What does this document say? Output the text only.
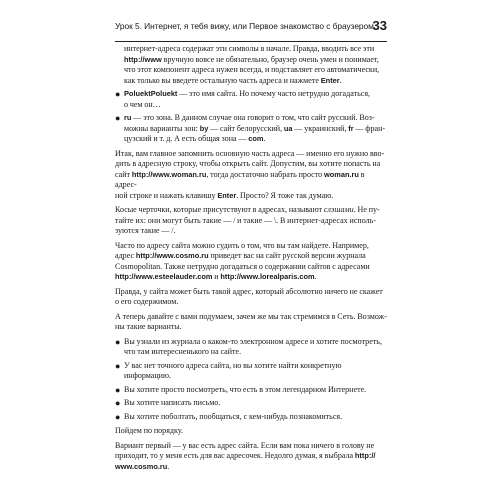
Урок 5. Интернет, я тебя вижу, или Первое знакомство с браузером
33

интернет-адреса содержат эти символы в начале. Правда, вводить все эти
http://www вручную вовсе не обязательно, браузер очень умен и понимает,
что этот компонент адреса нужен всегда, и подставляет его автоматически,
как только вы введете остальную часть адреса и нажмете Enter.

● PoluektPoluekt — это имя сайта. Но почему часто нетрудно догадаться,
о чем он…
● ru — это зона. В данном случае она говорит о том, что сайт русский. Воз-
можны варианты зон: by — сайт белорусский, ua — украинский, fr — фран-
цузский и т. д. А есть общая зона — com.

Итак, вам главное запомнить основную часть адреса — именно его нужно вво-
дить в адресную строку, чтобы открыть сайт. Допустим, вы хотите попасть на
сайт http://www.woman.ru, тогда достаточно набрать просто woman.ru в адрес-
ной строке и нажать клавишу Enter. Просто? Я тоже так думаю.

Косые черточки, которые присутствуют в адресах, называют слэшами. Не пу-
тайте их: они могут быть такие — / и такие — \. В интернет-адресах исполь-
зуются такие — /.

Часто по адресу сайта можно судить о том, что вы там найдете. Например,
адрес http://www.cosmo.ru приведет вас на сайт русской версии журнала
Cosmopolitan. Также нетрудно догадаться о содержании сайтов с адресами
http://www.esteelauder.com и http://www.lorealparis.com.

Правда, у сайта может быть такой адрес, который абсолютно ничего не скажет
о его содержимом.

А теперь давайте с вами подумаем, зачем же мы так стремимся в Сеть. Возмож-
ны такие варианты.

● Вы узнали из журнала о каком-то электронном адресе и хотите посмотреть,
что там интересненького на сайте.
● У вас нет точного адреса сайта, но вы хотите найти конкретную информацию.
● Вы хотите просто посмотреть, что есть в этом легендарном Интернете.
● Вы хотите написать письмо.
● Вы хотите поболтать, пообщаться, с кем-нибудь познакомиться.

Пойдем по порядку.

Вариант первый — у вас есть адрес сайта. Если вам пока ничего в голову не
приходит, то у меня есть для вас адресочек. Недолго думая, я выбрала http://
www.cosmo.ru.
